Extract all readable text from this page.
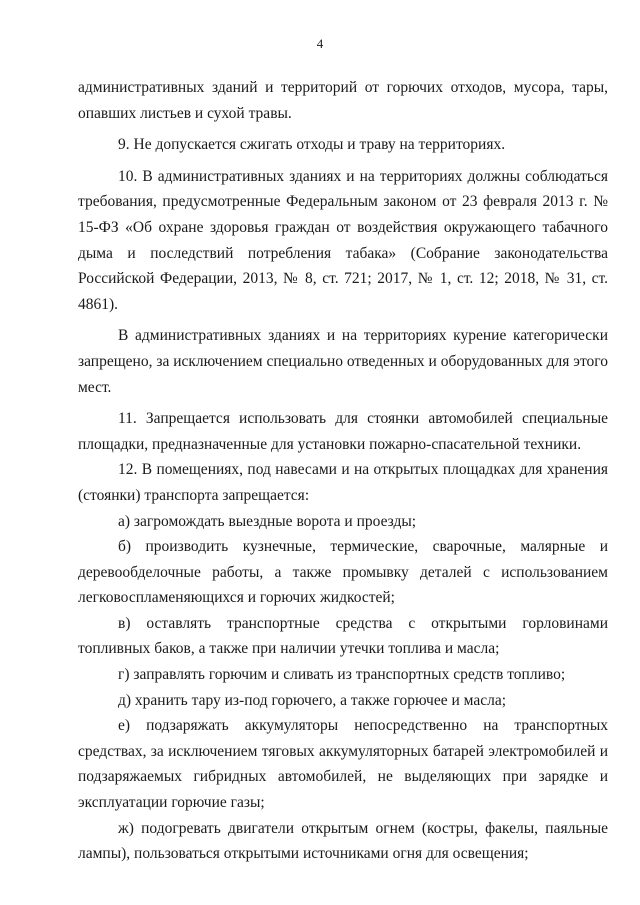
4

административных зданий и территорий от горючих отходов, мусора, тары, опавших листьев и сухой травы.

9. Не допускается сжигать отходы и траву на территориях.

10. В административных зданиях и на территориях должны соблюдаться требования, предусмотренные Федеральным законом от 23 февраля 2013 г. № 15-ФЗ «Об охране здоровья граждан от воздействия окружающего табачного дыма и последствий потребления табака» (Собрание законодательства Российской Федерации, 2013, № 8, ст. 721; 2017, № 1, ст. 12; 2018, № 31, ст. 4861).

В административных зданиях и на территориях курение категорически запрещено, за исключением специально отведенных и оборудованных для этого мест.

11. Запрещается использовать для стоянки автомобилей специальные площадки, предназначенные для установки пожарно-спасательной техники.

12. В помещениях, под навесами и на открытых площадках для хранения (стоянки) транспорта запрещается:

а) загромождать выездные ворота и проезды;

б) производить кузнечные, термические, сварочные, малярные и деревообделочные работы, а также промывку деталей с использованием легковоспламеняющихся и горючих жидкостей;

в) оставлять транспортные средства с открытыми горловинами топливных баков, а также при наличии утечки топлива и масла;

г) заправлять горючим и сливать из транспортных средств топливо;

д) хранить тару из-под горючего, а также горючее и масла;

е) подзаряжать аккумуляторы непосредственно на транспортных средствах, за исключением тяговых аккумуляторных батарей электромобилей и подзаряжаемых гибридных автомобилей, не выделяющих при зарядке и эксплуатации горючие газы;

ж) подогревать двигатели открытым огнем (костры, факелы, паяльные лампы), пользоваться открытыми источниками огня для освещения;
